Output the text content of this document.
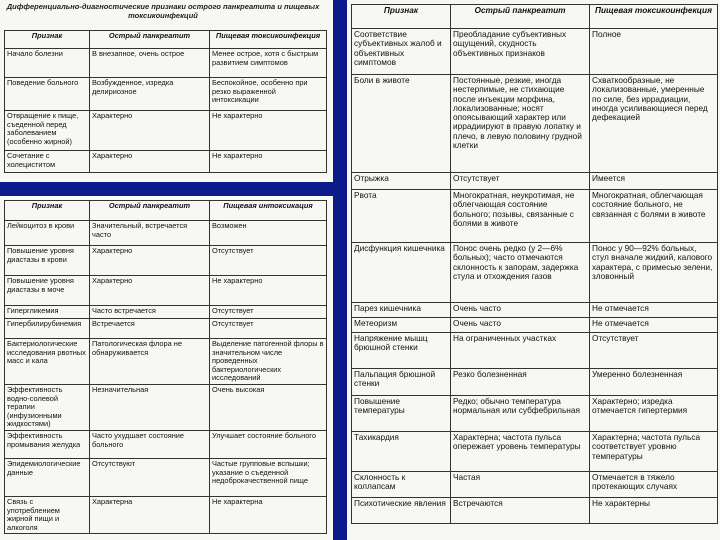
Дифференциально-диагностические признаки острого панкреатита и пищевых токсикоинфекций
Признак	Острый панкреатит	Пищевая токсикоинфекция
Начало болезни	В внезапное, очень острое	Менее острое, хотя с быстрым развитием симптомов
Поведение больного	Возбужденное, изредка делириозное	Беспокойное, особенно при резко выраженной интоксикации
Отвращение к пище, съеденной перед заболеванием (особенно жирной)	Характерно	Не характерно
Сочетание с холециститом	Характерно	Не характерно
Признак	Острый панкреатит	Пищевая интоксикация
Лейкоцитоз в крови	Значительный, встречается часто	Возможен
Повышение уровня диастазы в крови	Характерно	Отсутствует
Повышение уровня диастазы в моче	Характерно	Не характерно
Гипергликемия	Часто встречается	Отсутствует
Гипербилирубинемия	Встречается	Отсутствует
Бактериологические исследования рвотных масс и кала	Патологическая флора не обнаруживается	Выделение патогенной флоры в значительном числе проведенных бактериологических исследований
Эффективность водно-солевой терапии (инфузионными жидкостями)	Незначительная	Очень высокая
Эффективность промывания желудка	Часто ухудшает состояние больного	Улучшает состояние больного
Эпидемиологические данные	Отсутствуют	Частые групповые вспышки; указание о съеденной недоброкачественной пище
Связь с употреблением жирной пищи и алкоголя	Характерна	Не характерна
Признак	Острый панкреатит	Пищевая токсикоинфекция
Соответствие субъективных жалоб и объективных симптомов	Преобладание субъективных ощущений, скудность объективных признаков	Полное
Боли в животе	Постоянные, резкие, иногда нестерпимые, не стихающие после инъекции морфина, локализованные; носят опоясывающий характер или иррадиируют в правую лопатку и плечо, в левую половину грудной клетки	Схваткообразные, не локализованные, умеренные по силе, без иррадиации, иногда усиливающиеся перед дефекацией
Отрыжка	Отсутствует	Имеется
Рвота	Многократная, неукротимая, не облегчающая состояние больного; позывы, связанные с болями в животе	Многократная, облегчающая состояние больного, не связанная с болями в животе
Дисфункция кишечника	Понос очень редко (у 2—6% больных); часто отмечаются склонность к запорам, задержка стула и отхождения газов	Понос у 90—92% больных, стул вначале жидкий, калового характера, с примесью зелени, зловонный
Парез кишечника	Очень часто	Не отмечается
Метеоризм	Очень часто	Не отмечается
Напряжение мышц брюшной стенки	На ограниченных участках	Отсутствует
Пальпация брюшной стенки	Резко болезненная	Умеренно болезненная
Повышение температуры	Редко; обычно температура нормальная или субфебрильная	Характерно; изредка отмечается гипертермия
Тахикардия	Характерна; частота пульса опережает уровень температуры	Характерна; частота пульса соответствует уровню температуры
Склонность к коллапсам	Частая	Отмечается в тяжело протекающих случаях
Психотические явления	Встречаются	Не характерны
